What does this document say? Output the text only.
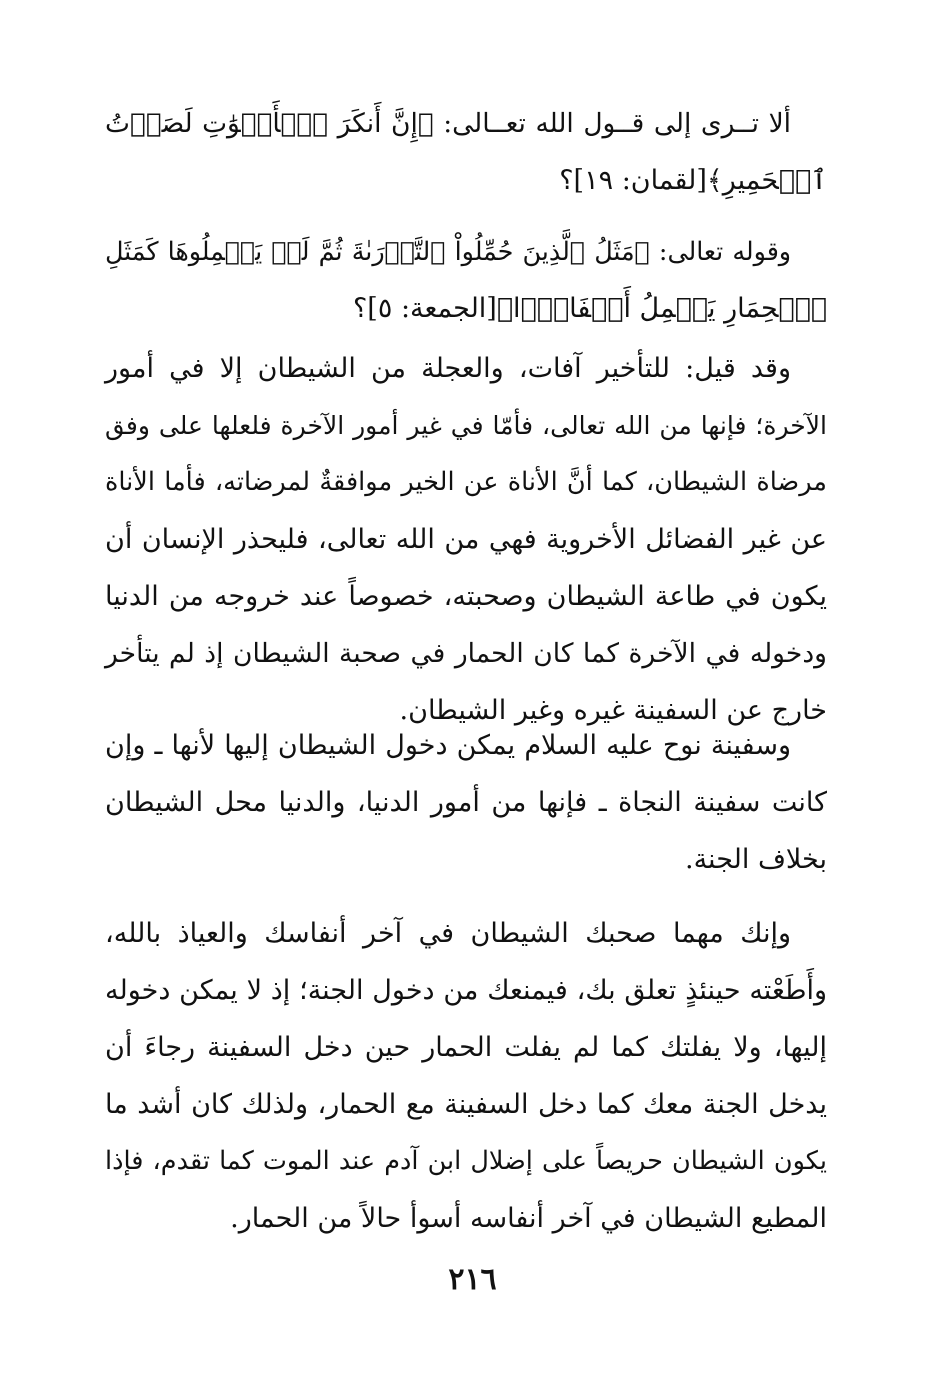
ألا تــرى إلى قــول الله تعــالى: ﴿إِنَّ أَنكَرَ ٱلۡأَصۡوَٰتِ لَصَوۡتُ
ٱلۡحَمِيرِ﴾[لقمان: ١٩]؟

وقوله تعالى: ﴿مَثَلُ ٱلَّذِينَ حُمِّلُواْ ٱلتَّوۡرَىٰةَ ثُمَّ لَمۡ يَحۡمِلُوهَا كَمَثَلِ
ٱلۡحِمَارِ يَحۡمِلُ أَسۡفَارَۢا﴾[الجمعة: ٥]؟

وقد قيل: للتأخير آفات، والعجلة من الشيطان إلا في أمور
الآخرة؛ فإنها من الله تعالى، فأمّا في غير أمور الآخرة فلعلها على وفق
مرضاة الشيطان، كما أنَّ الأناة عن الخير موافقةٌ لمرضاته، فأما الأناة
عن غير الفضائل الأخروية فهي من الله تعالى، فليحذر الإنسان أن
يكون في طاعة الشيطان وصحبته، خصوصاً عند خروجه من الدنيا
ودخوله في الآخرة كما كان الحمار في صحبة الشيطان إذ لم يتأخر
خارج عن السفينة غيره وغير الشيطان.

وسفينة نوح عليه السلام يمكن دخول الشيطان إليها لأنها ـ وإن
كانت سفينة النجاة ـ فإنها من أمور الدنيا، والدنيا محل الشيطان
بخلاف الجنة.

وإنك مهما صحبك الشيطان في آخر أنفاسك والعياذ بالله،
وأَطَعْته حينئذٍ تعلق بك، فيمنعك من دخول الجنة؛ إذ لا يمكن دخوله
إليها، ولا يفلتك كما لم يفلت الحمار حين دخل السفينة رجاءَ أن
يدخل الجنة معك كما دخل السفينة مع الحمار، ولذلك كان أشد ما
يكون الشيطان حريصاً على إضلال ابن آدم عند الموت كما تقدم، فإذا
المطيع الشيطان في آخر أنفاسه أسوأ حالاً من الحمار.

٢١٦
